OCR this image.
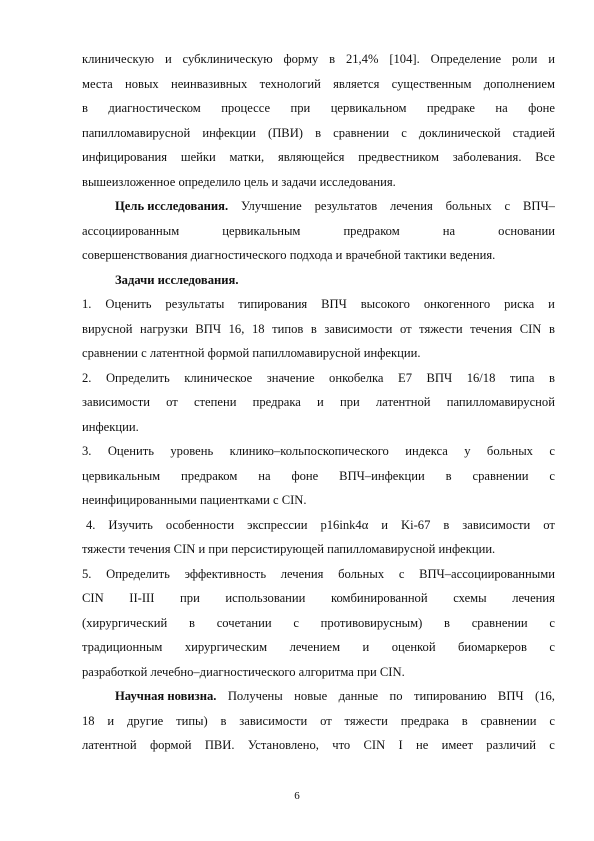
клиническую и субклиническую форму в 21,4% [104]. Определение роли и
места новых неинвазивных технологий является существенным дополнением
в диагностическом процессе при цервикальном предраке на фоне
папилломавирусной инфекции (ПВИ) в сравнении с доклинической стадией
инфицирования шейки матки, являющейся предвестником заболевания. Все
вышеизложенное определило цель и задачи исследования.
Цель исследования. Улучшение результатов лечения больных с ВПЧ–
ассоциированным	цервикальным	предраком	на	основании
совершенствования диагностического подхода и врачебной тактики ведения.
Задачи исследования.
1. Оценить результаты типирования ВПЧ высокого онкогенного риска и
вирусной нагрузки ВПЧ 16, 18 типов в зависимости от тяжести течения CIN в
сравнении с латентной формой папилломавирусной инфекции.
2. Определить клиническое значение онкобелка Е7 ВПЧ 16/18 типа в
зависимости от степени предрака и при латентной папилломавирусной
инфекции.
3. Оценить уровень клинико–кольпоскопического индекса у больных с
цервикальным предраком на фоне ВПЧ–инфекции в сравнении с
неинфицированными пациентками с CIN.
4. Изучить особенности экспрессии p16ink4α и Ki-67 в зависимости от
тяжести течения CIN и при персистирующей папилломавирусной инфекции.
5. Определить эффективность лечения больных с ВПЧ–ассоциированными
CIN II-III при использовании комбинированной схемы лечения
(хирургический в сочетании с противовирусным) в сравнении с
традиционным хирургическим лечением и оценкой биомаркеров с
разработкой лечебно–диагностического алгоритма при CIN.
Научная новизна. Получены новые данные по типированию ВПЧ (16,
18 и другие типы) в зависимости от тяжести предрака в сравнении с
латентной формой ПВИ. Установлено, что CIN I не имеет различий с
6
